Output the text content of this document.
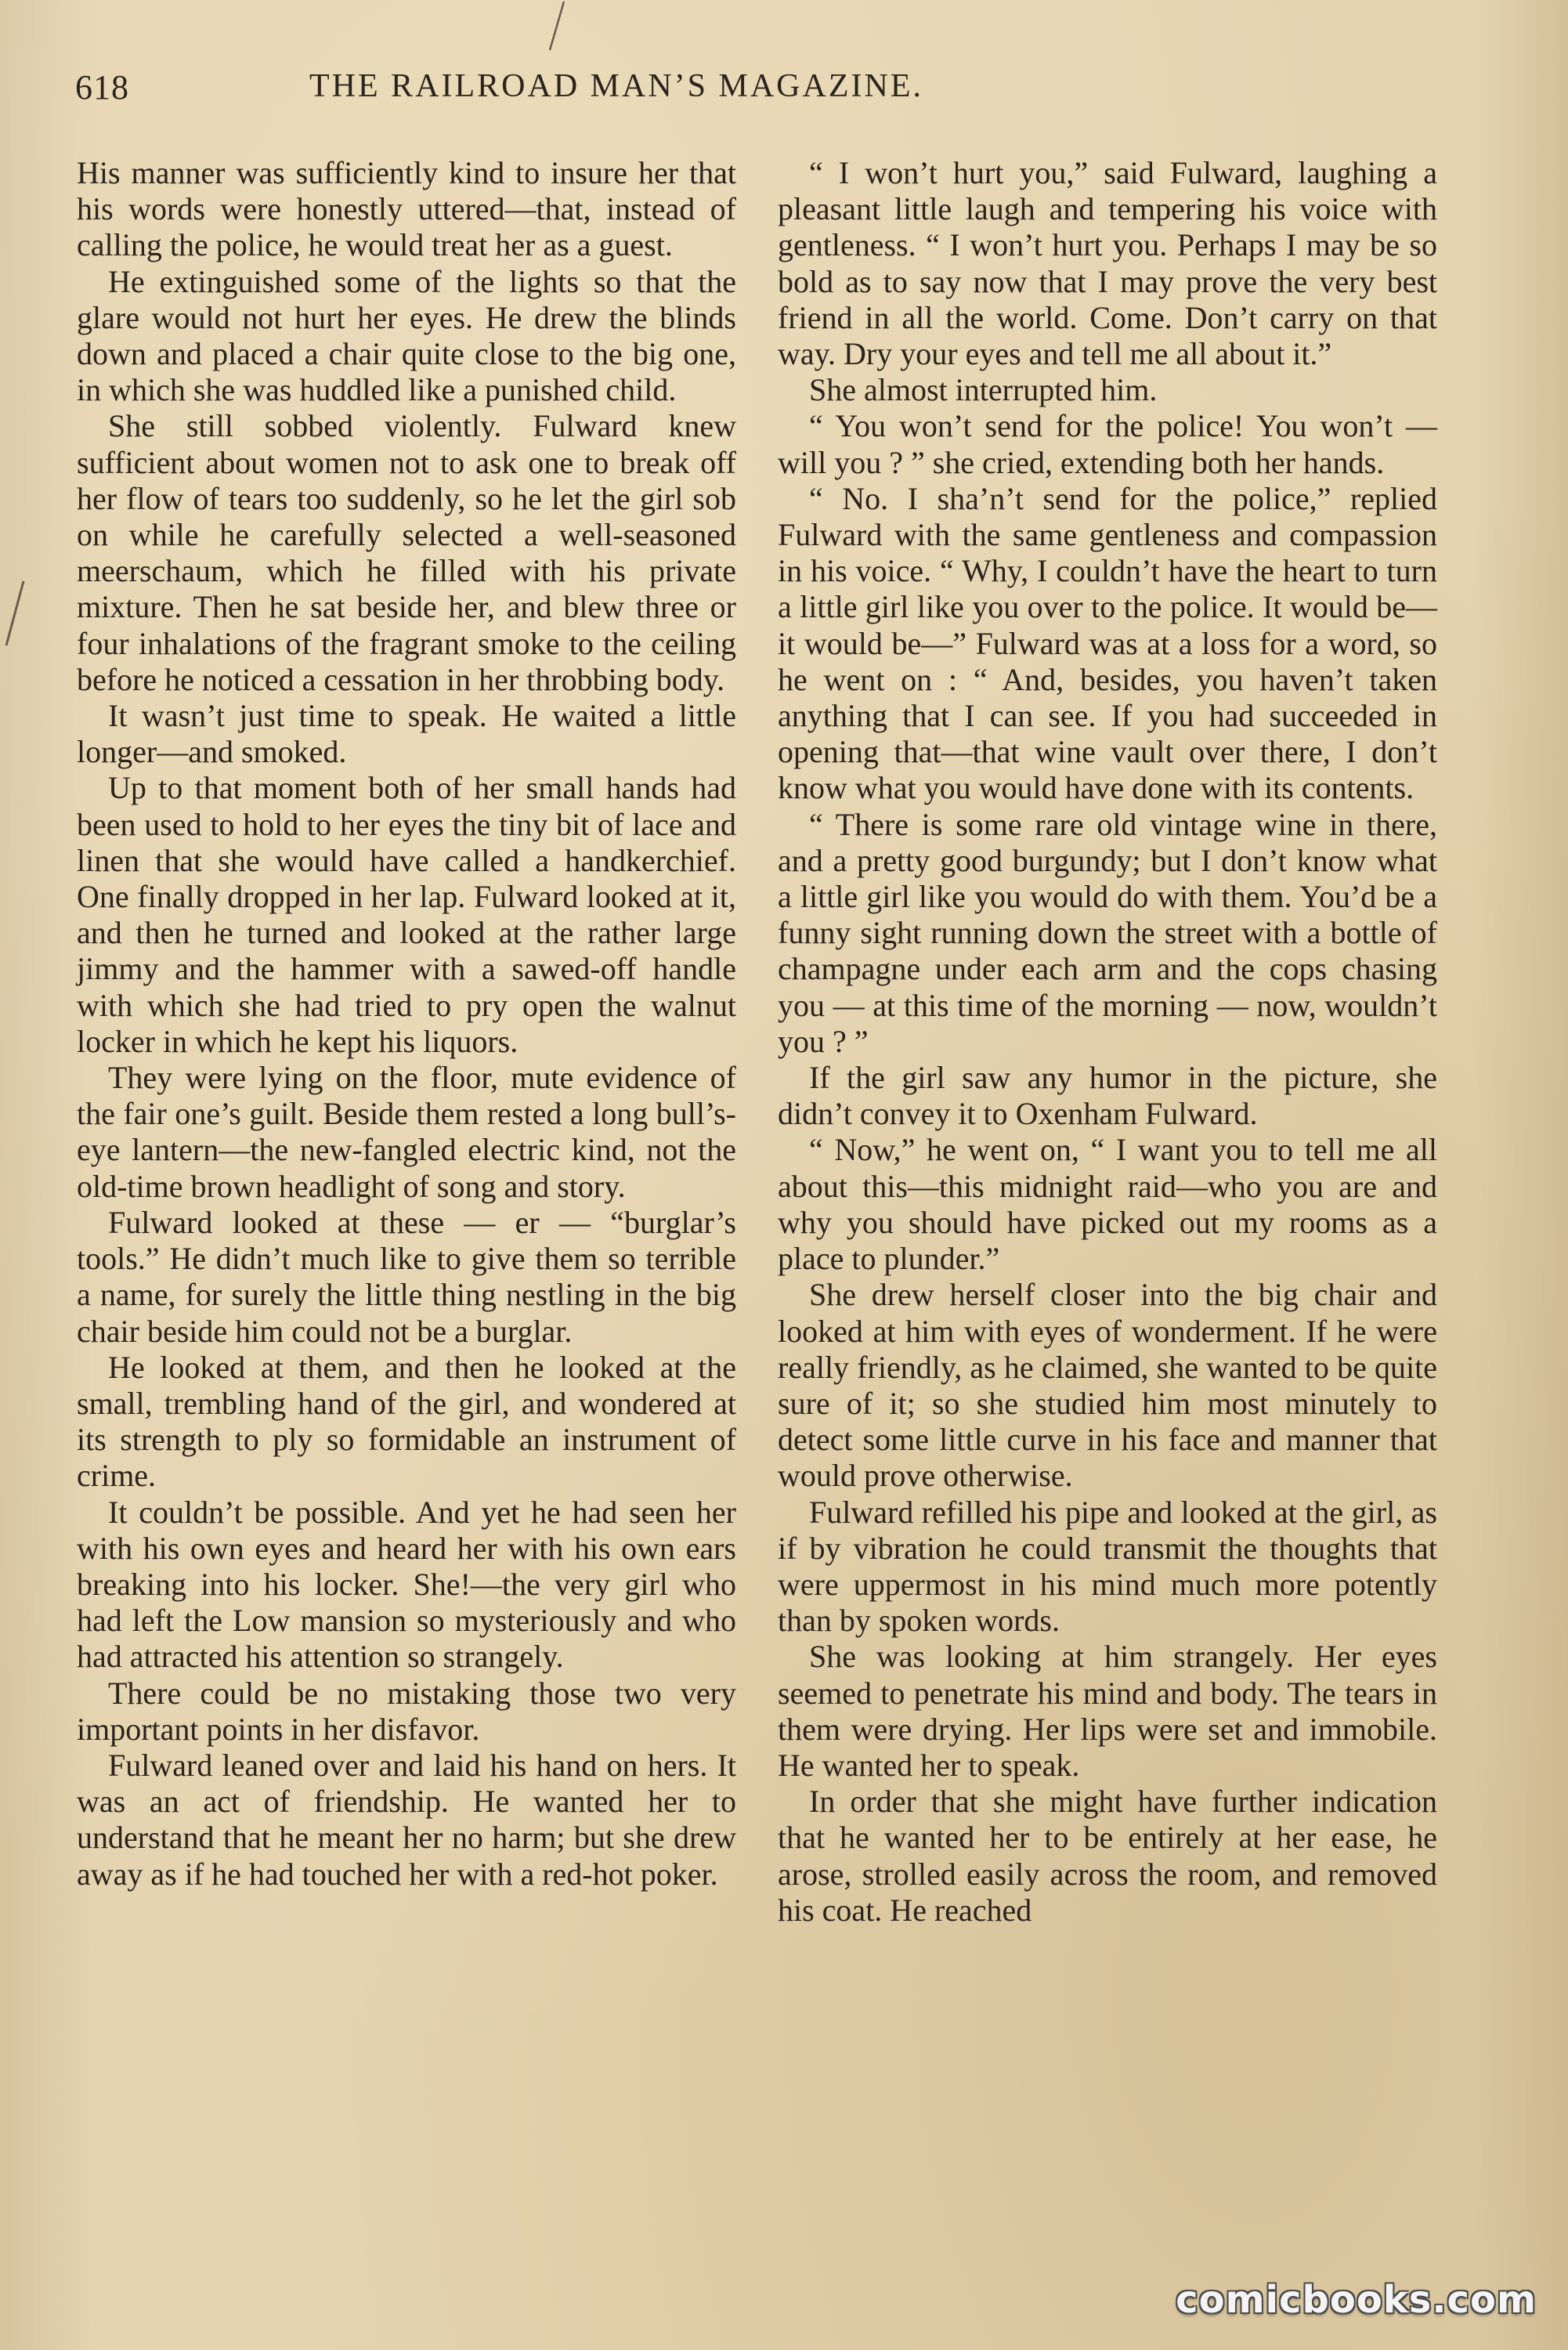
618	THE RAILROAD MAN’S MAGAZINE.

His manner was sufficiently kind to insure her that his words were honestly uttered—that, instead of calling the police, he would treat her as a guest.

He extinguished some of the lights so that the glare would not hurt her eyes. He drew the blinds down and placed a chair quite close to the big one, in which she was huddled like a punished child.

She still sobbed violently. Fulward knew sufficient about women not to ask one to break off her flow of tears too suddenly, so he let the girl sob on while he carefully selected a well-seasoned meerschaum, which he filled with his private mixture. Then he sat beside her, and blew three or four inhalations of the fragrant smoke to the ceiling before he noticed a cessation in her throbbing body.

It wasn’t just time to speak. He waited a little longer—and smoked.

Up to that moment both of her small hands had been used to hold to her eyes the tiny bit of lace and linen that she would have called a handkerchief. One finally dropped in her lap. Fulward looked at it, and then he turned and looked at the rather large jimmy and the hammer with a sawed-off handle with which she had tried to pry open the walnut locker in which he kept his liquors.

They were lying on the floor, mute evidence of the fair one’s guilt. Beside them rested a long bull’s-eye lantern—the new-fangled electric kind, not the old-time brown headlight of song and story.

Fulward looked at these — er — “burglar’s tools.” He didn’t much like to give them so terrible a name, for surely the little thing nestling in the big chair beside him could not be a burglar.

He looked at them, and then he looked at the small, trembling hand of the girl, and wondered at its strength to ply so formidable an instrument of crime.

It couldn’t be possible. And yet he had seen her with his own eyes and heard her with his own ears breaking into his locker. She!—the very girl who had left the Low mansion so mysteriously and who had attracted his attention so strangely.

There could be no mistaking those two very important points in her disfavor.

Fulward leaned over and laid his hand on hers. It was an act of friendship. He wanted her to understand that he meant her no harm; but she drew away as if he had touched her with a red-hot poker.

“ I won’t hurt you,” said Fulward, laughing a pleasant little laugh and tempering his voice with gentleness. “ I won’t hurt you. Perhaps I may be so bold as to say now that I may prove the very best friend in all the world. Come. Don’t carry on that way. Dry your eyes and tell me all about it.”

She almost interrupted him.

“ You won’t send for the police! You won’t — will you ? ” she cried, extending both her hands.

“ No. I sha’n’t send for the police,” replied Fulward with the same gentleness and compassion in his voice. “ Why, I couldn’t have the heart to turn a little girl like you over to the police. It would be—it would be—” Fulward was at a loss for a word, so he went on : “ And, besides, you haven’t taken anything that I can see. If you had succeeded in opening that—that wine vault over there, I don’t know what you would have done with its contents.

“ There is some rare old vintage wine in there, and a pretty good burgundy; but I don’t know what a little girl like you would do with them. You’d be a funny sight running down the street with a bottle of champagne under each arm and the cops chasing you — at this time of the morning — now, wouldn’t you ? ”

If the girl saw any humor in the picture, she didn’t convey it to Oxenham Fulward.

“ Now,” he went on, “ I want you to tell me all about this—this midnight raid—who you are and why you should have picked out my rooms as a place to plunder.”

She drew herself closer into the big chair and looked at him with eyes of wonderment. If he were really friendly, as he claimed, she wanted to be quite sure of it; so she studied him most minutely to detect some little curve in his face and manner that would prove otherwise.

Fulward refilled his pipe and looked at the girl, as if by vibration he could transmit the thoughts that were uppermost in his mind much more potently than by spoken words.

She was looking at him strangely. Her eyes seemed to penetrate his mind and body. The tears in them were drying. Her lips were set and immobile. He wanted her to speak.

In order that she might have further indication that he wanted her to be entirely at her ease, he arose, strolled easily across the room, and removed his coat. He reached

comicbooks.com
